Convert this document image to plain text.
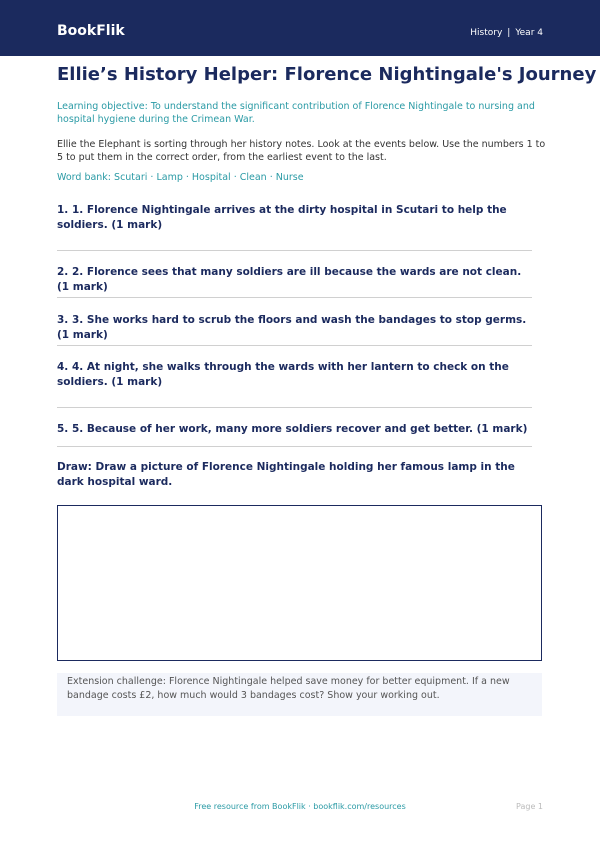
BookFlik	History | Year 4
Ellie’s History Helper: Florence Nightingale's Journey
Learning objective: To understand the significant contribution of Florence Nightingale to nursing and hospital hygiene during the Crimean War.
Ellie the Elephant is sorting through her history notes. Look at the events below. Use the numbers 1 to 5 to put them in the correct order, from the earliest event to the last.
Word bank: Scutari · Lamp · Hospital · Clean · Nurse
1. 1. Florence Nightingale arrives at the dirty hospital in Scutari to help the soldiers. (1 mark)
2. 2. Florence sees that many soldiers are ill because the wards are not clean. (1 mark)
3. 3. She works hard to scrub the floors and wash the bandages to stop germs. (1 mark)
4. 4. At night, she walks through the wards with her lantern to check on the soldiers. (1 mark)
5. 5. Because of her work, many more soldiers recover and get better. (1 mark)
Draw: Draw a picture of Florence Nightingale holding her famous lamp in the dark hospital ward.
Extension challenge: Florence Nightingale helped save money for better equipment. If a new bandage costs £2, how much would 3 bandages cost? Show your working out.
Free resource from BookFlik · bookflik.com/resources	Page 1
